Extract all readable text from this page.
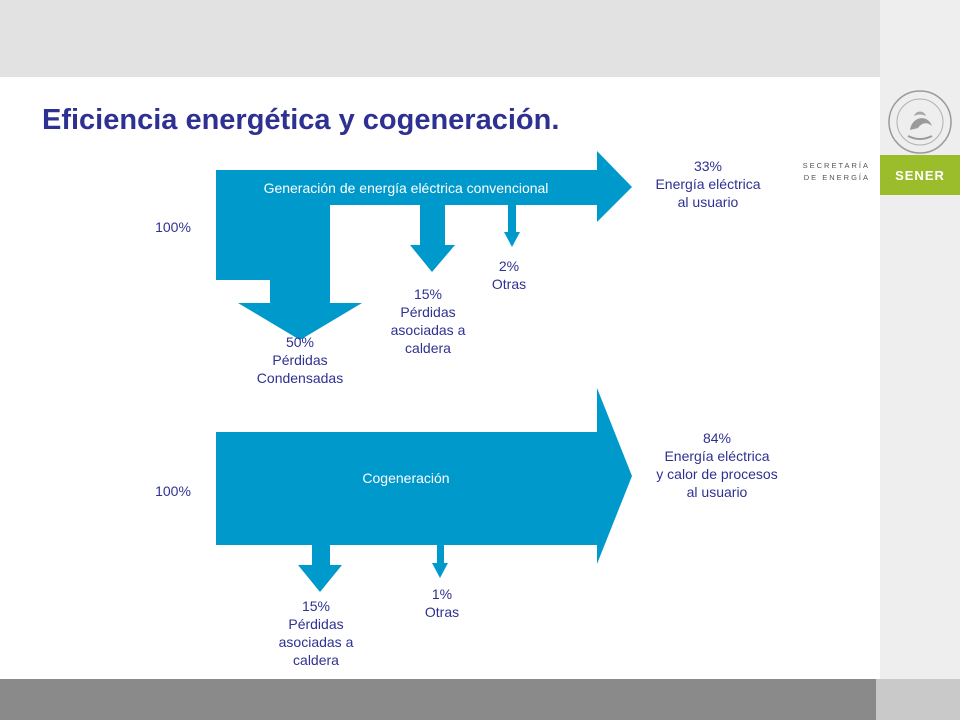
SECRETARÍA DE ENERGÍA	SENER
Eficiencia energética y cogeneración.
Generación de energía eléctrica convencional
100%
33%
Energía eléctrica
al usuario
50%
Pérdidas
Condensadas
15%
Pérdidas
asociadas a
caldera
2%
Otras
Cogeneración
100%
84%
Energía eléctrica
y calor de procesos
al usuario
15%
Pérdidas
asociadas a
caldera
1%
Otras
